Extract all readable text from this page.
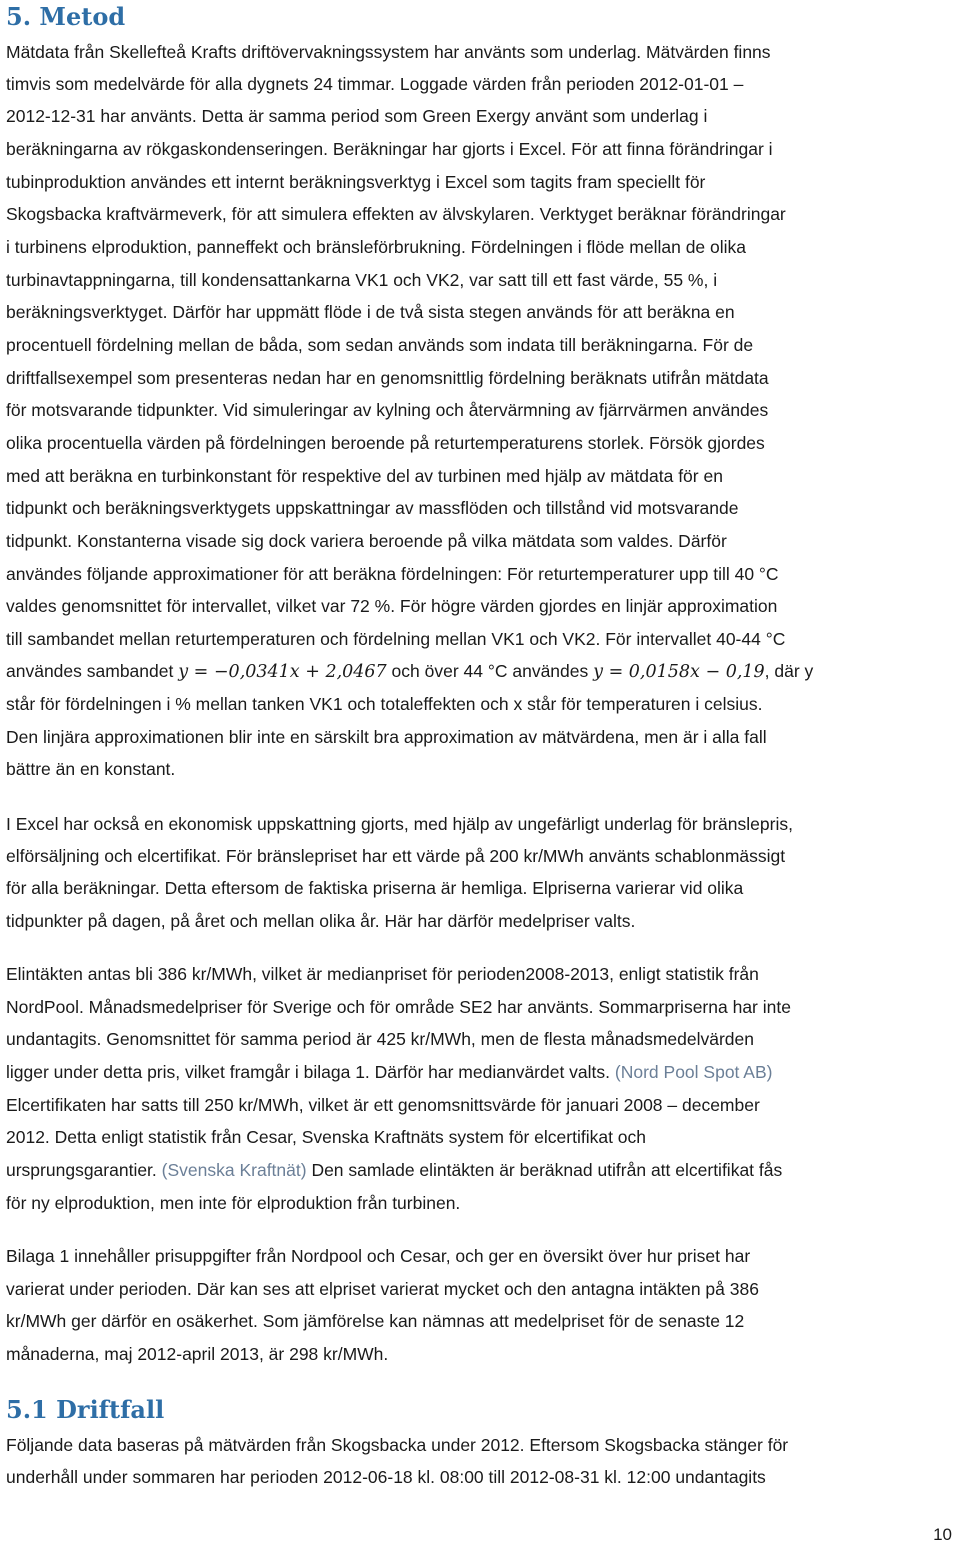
5. Metod
Mätdata från Skellefteå Krafts driftövervakningssystem har använts som underlag. Mätvärden finns
timvis som medelvärde för alla dygnets 24 timmar. Loggade värden från perioden 2012-01-01 –
2012-12-31 har använts. Detta är samma period som Green Exergy använt som underlag i
beräkningarna av rökgaskondenseringen. Beräkningar har gjorts i Excel. För att finna förändringar i
tubinproduktion användes ett internt beräkningsverktyg i Excel som tagits fram speciellt för
Skogsbacka kraftvärmeverk, för att simulera effekten av älvskylaren. Verktyget beräknar förändringar
i turbinens elproduktion, panneffekt och bränsleförbrukning. Fördelningen i flöde mellan de olika
turbinavtappningarna, till kondensattankarna VK1 och VK2, var satt till ett fast värde, 55 %, i
beräkningsverktyget. Därför har uppmätt flöde i de två sista stegen används för att beräkna en
procentuell fördelning mellan de båda, som sedan används som indata till beräkningarna. För de
driftfallsexempel som presenteras nedan har en genomsnittlig fördelning beräknats utifrån mätdata
för motsvarande tidpunkter. Vid simuleringar av kylning och återvärmning av fjärrvärmen användes
olika procentuella värden på fördelningen beroende på returtemperaturens storlek. Försök gjordes
med att beräkna en turbinkonstant för respektive del av turbinen med hjälp av mätdata för en
tidpunkt och beräkningsverktygets uppskattningar av massflöden och tillstånd vid motsvarande
tidpunkt. Konstanterna visade sig dock variera beroende på vilka mätdata som valdes. Därför
användes följande approximationer för att beräkna fördelningen: För returtemperaturer upp till 40 °C
valdes genomsnittet för intervallet, vilket var 72 %. För högre värden gjordes en linjär approximation
till sambandet mellan returtemperaturen och fördelning mellan VK1 och VK2. För intervallet 40-44 °C
användes sambandet y = −0,0341x + 2,0467 och över 44 °C användes y = 0,0158x − 0,19, där y
står för fördelningen i % mellan tanken VK1 och totaleffekten och x står för temperaturen i celsius.
Den linjära approximationen blir inte en särskilt bra approximation av mätvärdena, men är i alla fall
bättre än en konstant.
I Excel har också en ekonomisk uppskattning gjorts, med hjälp av ungefärligt underlag för bränslepris,
elförsäljning och elcertifikat. För bränslepriset har ett värde på 200 kr/MWh använts schablonmässigt
för alla beräkningar. Detta eftersom de faktiska priserna är hemliga. Elpriserna varierar vid olika
tidpunkter på dagen, på året och mellan olika år. Här har därför medelpriser valts.
Elintäkten antas bli 386 kr/MWh, vilket är medianpriset för perioden2008-2013, enligt statistik från
NordPool. Månadsmedelpriser för Sverige och för område SE2 har använts. Sommarpriserna har inte
undantagits. Genomsnittet för samma period är 425 kr/MWh, men de flesta månadsmedelvärden
ligger under detta pris, vilket framgår i bilaga 1. Därför har medianvärdet valts. (Nord Pool Spot AB)
Elcertifikaten har satts till 250 kr/MWh, vilket är ett genomsnittsvärde för januari 2008 – december
2012. Detta enligt statistik från Cesar, Svenska Kraftnäts system för elcertifikat och
ursprungsgarantier. (Svenska Kraftnät) Den samlade elintäkten är beräknad utifrån att elcertifikat fås
för ny elproduktion, men inte för elproduktion från turbinen.
Bilaga 1 innehåller prisuppgifter från Nordpool och Cesar, och ger en översikt över hur priset har
varierat under perioden. Där kan ses att elpriset varierat mycket och den antagna intäkten på 386
kr/MWh ger därför en osäkerhet. Som jämförelse kan nämnas att medelpriset för de senaste 12
månaderna, maj 2012-april 2013, är 298 kr/MWh.
5.1 Driftfall
Följande data baseras på mätvärden från Skogsbacka under 2012. Eftersom Skogsbacka stänger för
underhåll under sommaren har perioden 2012-06-18 kl. 08:00 till 2012-08-31 kl. 12:00 undantagits
10
